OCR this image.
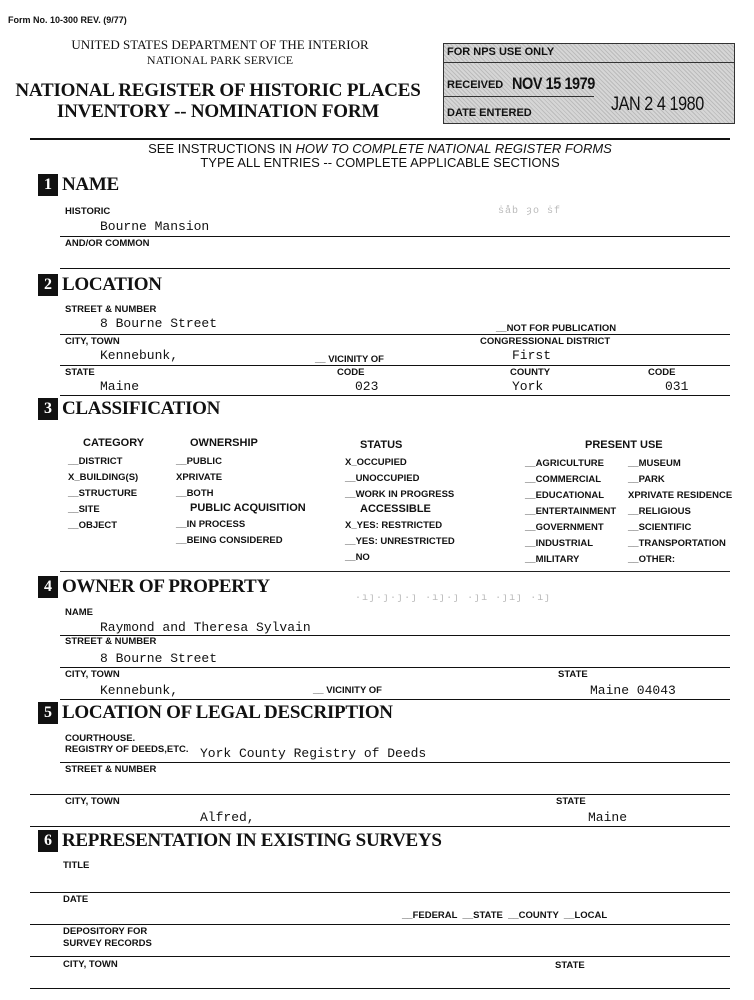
Form No. 10-300 REV. (9/77)
UNITED STATES DEPARTMENT OF THE INTERIOR
NATIONAL PARK SERVICE
NATIONAL REGISTER OF HISTORIC PLACES
INVENTORY -- NOMINATION FORM
FOR NPS USE ONLY
RECEIVED NOV 15 1979
DATE ENTERED	JAN 2 4 1980
SEE INSTRUCTIONS IN HOW TO COMPLETE NATIONAL REGISTER FORMS
TYPE ALL ENTRIES -- COMPLETE APPLICABLE SECTIONS
1 NAME
HISTORIC
Bourne Mansion
ṡåb ȝo ṡf
AND/OR COMMON
2 LOCATION
STREET & NUMBER
8 Bourne Street	__NOT FOR PUBLICATION
CITY, TOWN	CONGRESSIONAL DISTRICT
Kennebunk,	__ VICINITY OF	First
STATE	CODE	COUNTY	CODE
Maine	023	York	031
3 CLASSIFICATION
CATEGORY
__DISTRICT
X_BUILDING(S)
__STRUCTURE
__SITE
__OBJECT
OWNERSHIP
__PUBLIC
XPRIVATE
__BOTH
PUBLIC ACQUISITION
__IN PROCESS
__BEING CONSIDERED
STATUS
X_OCCUPIED
__UNOCCUPIED
__WORK IN PROGRESS
ACCESSIBLE
X_YES: RESTRICTED
__YES: UNRESTRICTED
__NO
PRESENT USE
__AGRICULTURE
__COMMERCIAL
__EDUCATIONAL
__ENTERTAINMENT
__GOVERNMENT
__INDUSTRIAL
__MILITARY
__MUSEUM
__PARK
XPRIVATE RESIDENCE
__RELIGIOUS
__SCIENTIFIC
__TRANSPORTATION
__OTHER:
4 OWNER OF PROPERTY
·ıȷ·ȷ·ȷ·ȷ ·ıȷ·ȷ ·ȷı ·ȷıȷ ·ıȷ
NAME
Raymond and Theresa Sylvain
STREET & NUMBER
8 Bourne Street
CITY, TOWN	STATE
Kennebunk,	__ VICINITY OF	Maine 04043
5 LOCATION OF LEGAL DESCRIPTION
COURTHOUSE.
REGISTRY OF DEEDS,ETC. York County Registry of Deeds
STREET & NUMBER
CITY, TOWN	STATE
Alfred,	Maine
6 REPRESENTATION IN EXISTING SURVEYS
TITLE
DATE
__FEDERAL  __STATE  __COUNTY  __LOCAL
DEPOSITORY FOR
SURVEY RECORDS
CITY, TOWN	STATE
